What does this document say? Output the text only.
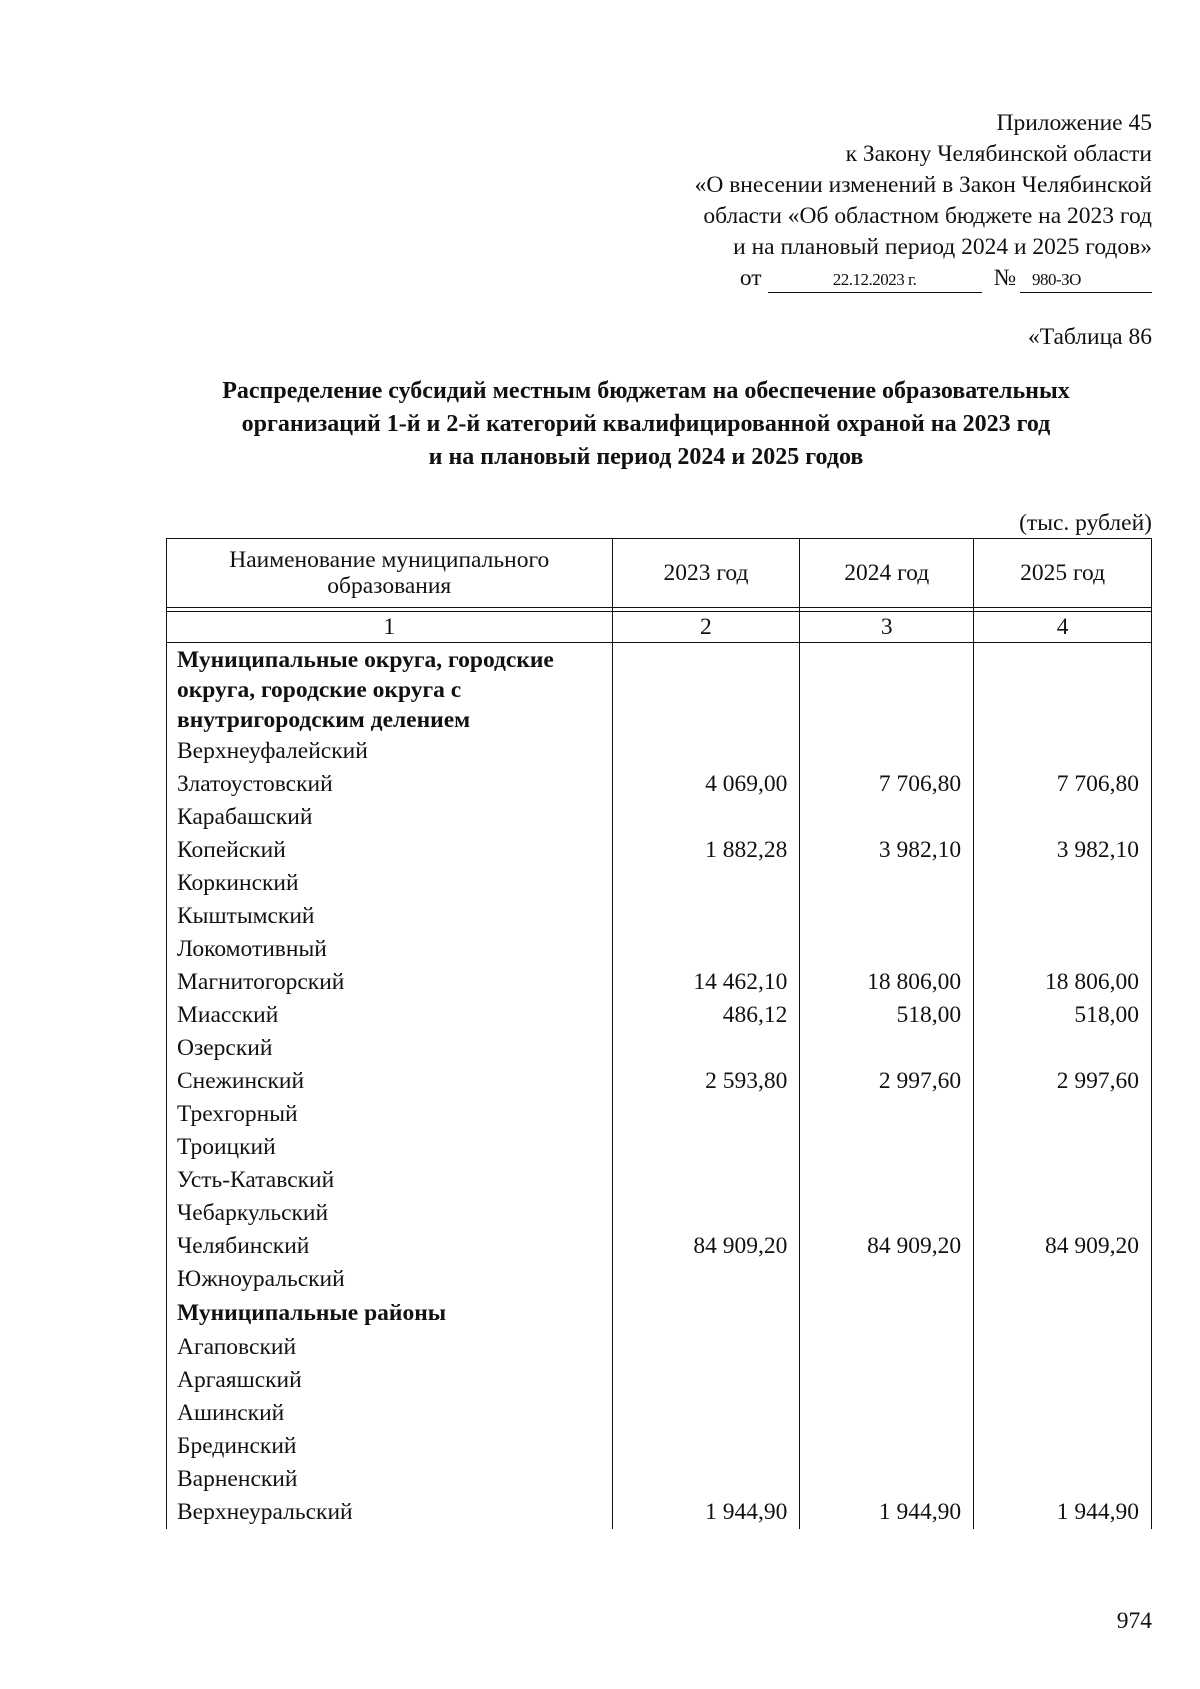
Приложение 45
к Закону Челябинской области
«О внесении изменений в Закон Челябинской
области «Об областном бюджете на 2023 год
и на плановый период 2024 и 2025 годов»
от	22.12.2023 г.	№ 980-ЗО
«Таблица 86
Распределение субсидий местным бюджетам на обеспечение образовательных
организаций 1-й и 2-й категорий квалифицированной охраной на 2023 год
и на плановый период 2024 и 2025 годов
(тыс. рублей)
Наименование муниципального образования	2023 год	2024 год	2025 год

1	2	3	4
Муниципальные округа, городские округа, городские округа с внутригородским делением			
Верхнеуфалейский			
Златоустовский	4 069,00	7 706,80	7 706,80
Карабашский			
Копейский	1 882,28	3 982,10	3 982,10
Коркинский			
Кыштымский			
Локомотивный			
Магнитогорский	14 462,10	18 806,00	18 806,00
Миасский	486,12	518,00	518,00
Озерский			
Снежинский	2 593,80	2 997,60	2 997,60
Трехгорный			
Троицкий			
Усть-Катавский			
Чебаркульский			
Челябинский	84 909,20	84 909,20	84 909,20
Южноуральский			
Муниципальные районы			
Агаповский			
Аргаяшский			
Ашинский			
Брединский			
Варненский			
Верхнеуральский	1 944,90	1 944,90	1 944,90
974
